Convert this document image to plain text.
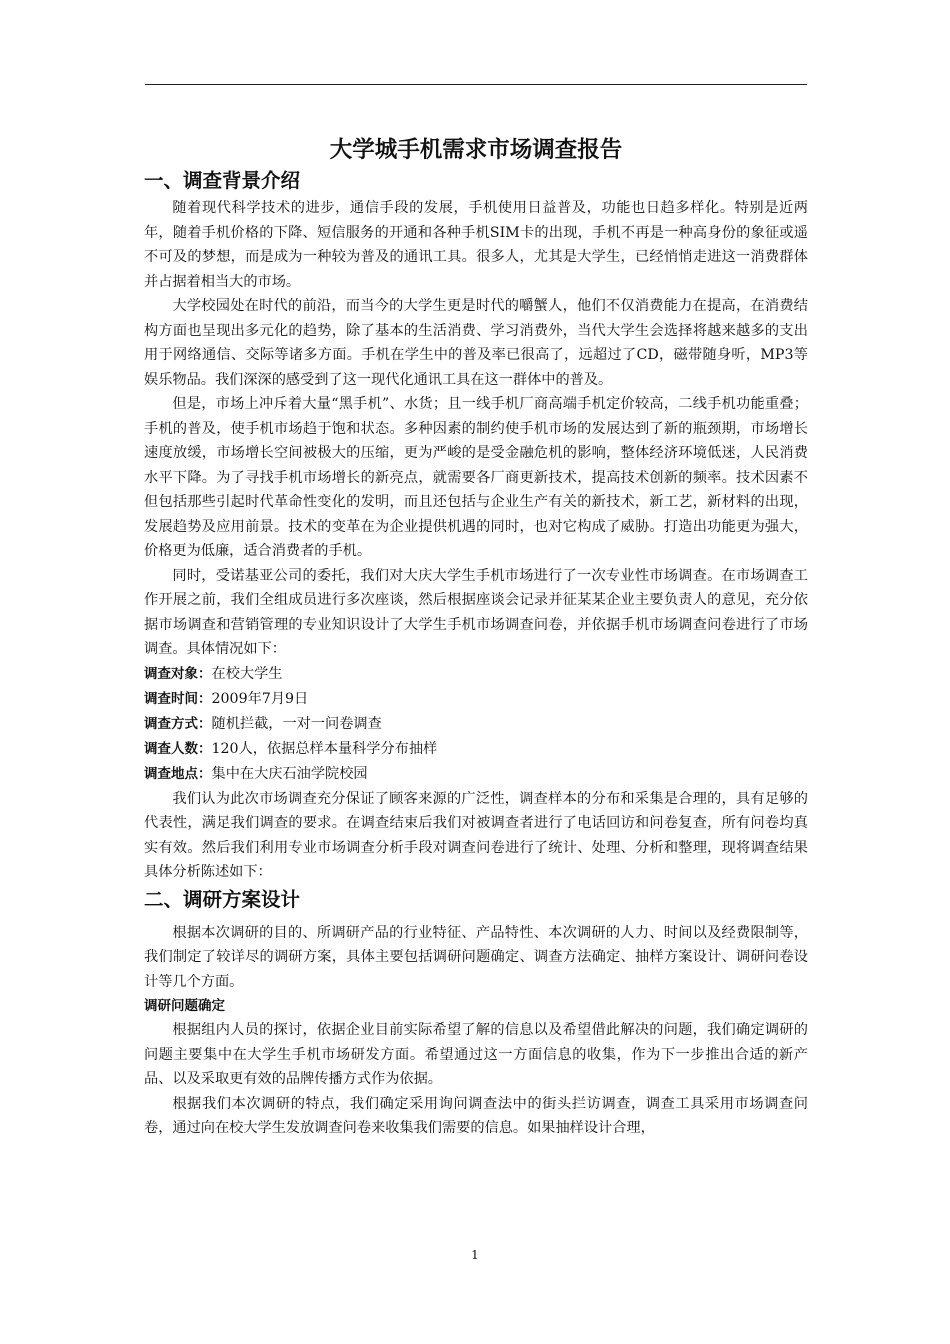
大学城手机需求市场调查报告
一、调查背景介绍

随着现代科学技术的进步，通信手段的发展，手机使用日益普及，功能也日趋多样化。特别是近两年，随着手机价格的下降、短信服务的开通和各种手机SIM卡的出现，手机不再是一种高身份的象征或遥不可及的梦想，而是成为一种较为普及的通讯工具。很多人，尤其是大学生，已经悄悄走进这一消费群体并占据着相当大的市场。

大学校园处在时代的前沿，而当今的大学生更是时代的嚼蟹人，他们不仅消费能力在提高，在消费结构方面也呈现出多元化的趋势，除了基本的生活消费、学习消费外，当代大学生会选择将越来越多的支出用于网络通信、交际等诸多方面。手机在学生中的普及率已很高了，远超过了CD，磁带随身听，MP3等娱乐物品。我们深深的感受到了这一现代化通讯工具在这一群体中的普及。

但是，市场上冲斥着大量“黑手机”、水货；且一线手机厂商高端手机定价较高，二线手机功能重叠；手机的普及，使手机市场趋于饱和状态。多种因素的制约使手机市场的发展达到了新的瓶颈期，市场增长速度放缓，市场增长空间被极大的压缩，更为严峻的是受金融危机的影响，整体经济环境低迷，人民消费水平下降。为了寻找手机市场增长的新亮点，就需要各厂商更新技术，提高技术创新的频率。技术因素不但包括那些引起时代革命性变化的发明，而且还包括与企业生产有关的新技术，新工艺，新材料的出现，发展趋势及应用前景。技术的变革在为企业提供机遇的同时，也对它构成了威胁。打造出功能更为强大，价格更为低廉，适合消费者的手机。

同时，受诺基亚公司的委托，我们对大庆大学生手机市场进行了一次专业性市场调查。在市场调查工作开展之前，我们全组成员进行多次座谈，然后根据座谈会记录并征某某企业主要负责人的意见，充分依据市场调查和营销管理的专业知识设计了大学生手机市场调查问卷，并依据手机市场调查问卷进行了市场调查。具体情况如下：

调查对象：在校大学生

调查时间：2009年7月9日

调查方式：随机拦截，一对一问卷调查

调查人数：120人，依据总样本量科学分布抽样

调查地点：集中在大庆石油学院校园

我们认为此次市场调查充分保证了顾客来源的广泛性，调查样本的分布和采集是合理的，具有足够的代表性，满足我们调查的要求。在调查结束后我们对被调查者进行了电话回访和问卷复查，所有问卷均真实有效。然后我们利用专业市场调查分析手段对调查问卷进行了统计、处理、分析和整理，现将调查结果具体分析陈述如下：

二、调研方案设计

根据本次调研的目的、所调研产品的行业特征、产品特性、本次调研的人力、时间以及经费限制等，我们制定了较详尽的调研方案，具体主要包括调研问题确定、调查方法确定、抽样方案设计、调研问卷设计等几个方面。

调研问题确定

根据组内人员的探讨，依据企业目前实际希望了解的信息以及希望借此解决的问题，我们确定调研的问题主要集中在大学生手机市场研发方面。希望通过这一方面信息的收集，作为下一步推出合适的新产品、以及采取更有效的品牌传播方式作为依据。

根据我们本次调研的特点，我们确定采用询问调查法中的街头拦访调查，调查工具采用市场调查问卷，通过向在校大学生发放调查问卷来收集我们需要的信息。如果抽样设计合理，

1
